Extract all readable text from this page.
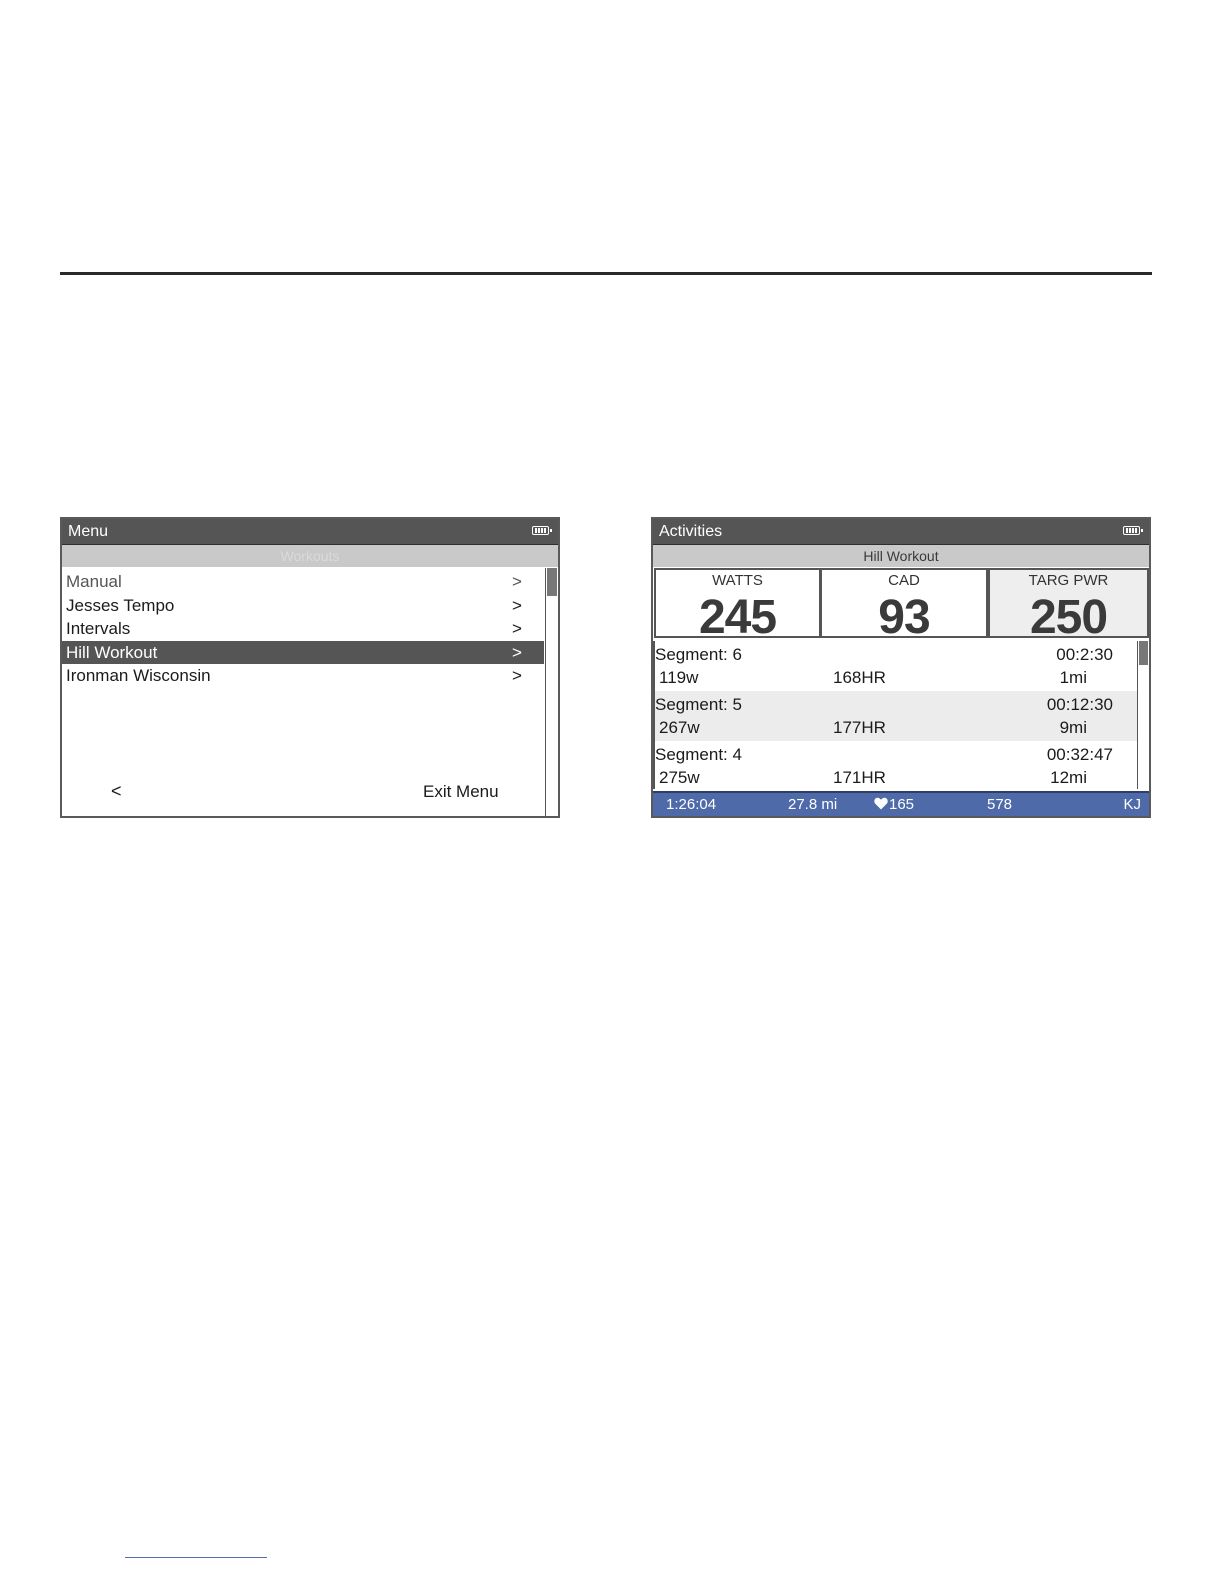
Menu
Workouts
Manual	>
Jesses Tempo	>
Intervals	>
Hill Workout	>
Ironman Wisconsin	>
<	Exit Menu
Activities
Hill Workout
WATTS
245
CAD
93
TARG PWR
250
Segment: 6	00:2:30
119w	168HR	1mi
Segment: 5	00:12:30
267w	177HR	9mi
Segment: 4	00:32:47
275w	171HR	12mi
1:26:04	27.8 mi	165	578	KJ
